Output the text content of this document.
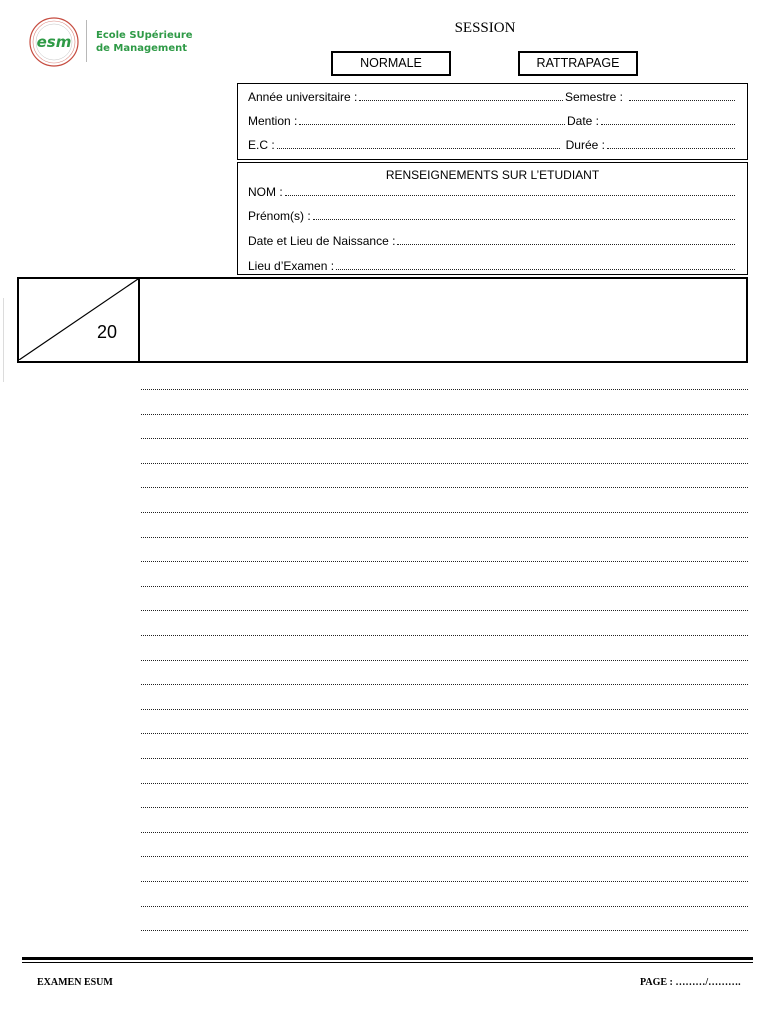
esm Ecole SUpérieure
de Management
SESSION
NORMALE	RATTRAPAGE
Année universitaire :	Semestre :
Mention :	Date :
E.C :	Durée :
RENSEIGNEMENTS SUR L’ETUDIANT
NOM :
Prénom(s) :
Date et Lieu de Naissance :
Lieu d’Examen :
20
EXAMEN ESUM	PAGE : ………/……….
